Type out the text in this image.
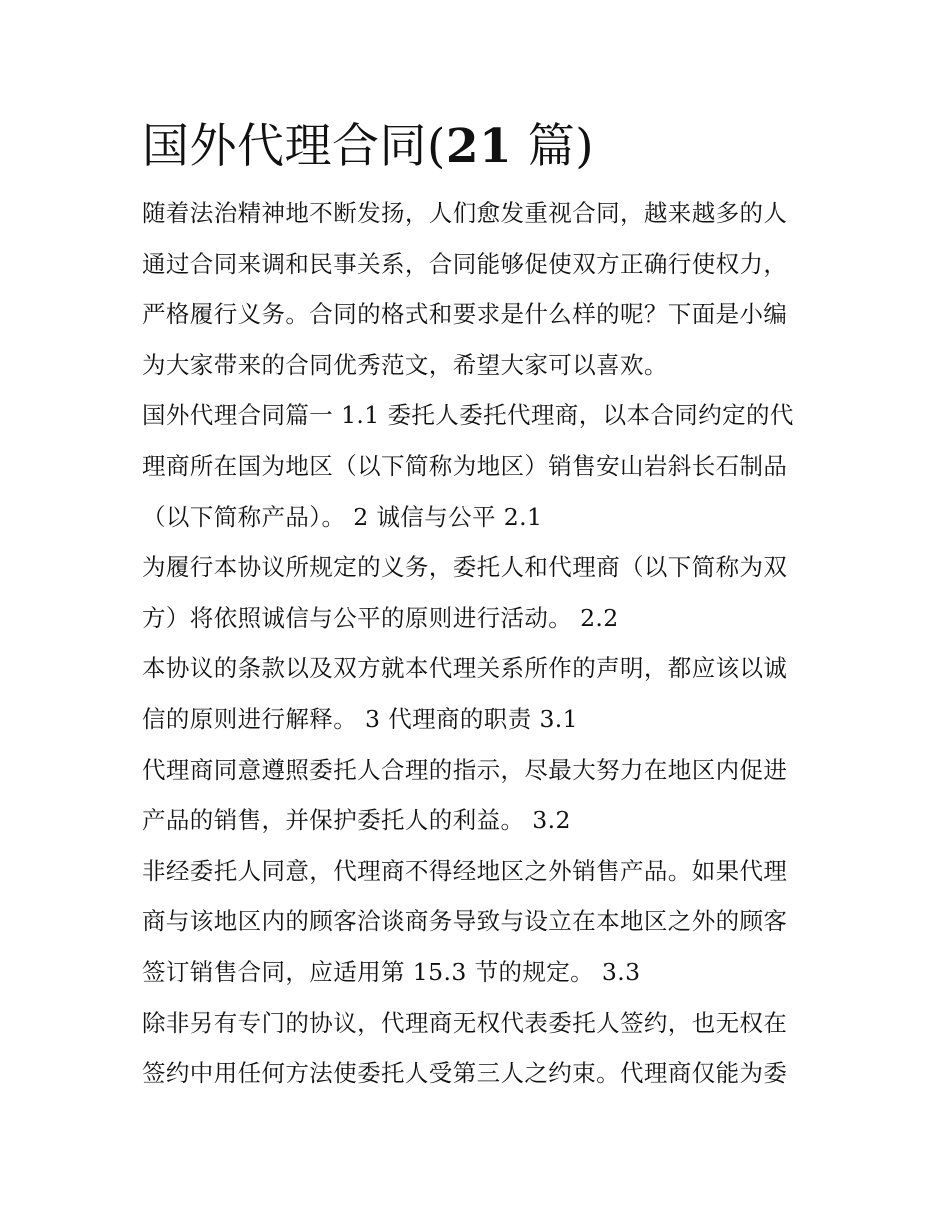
国外代理合同(21 篇)
随着法治精神地不断发扬，人们愈发重视合同，越来越多的人
通过合同来调和民事关系，合同能够促使双方正确行使权力，
严格履行义务。合同的格式和要求是什么样的呢？下面是小编
为大家带来的合同优秀范文，希望大家可以喜欢。
国外代理合同篇一 1.1 委托人委托代理商，以本合同约定的代
理商所在国为地区（以下简称为地区）销售安山岩斜长石制品
（以下简称产品）。 2 诚信与公平 2.1
为履行本协议所规定的义务，委托人和代理商（以下简称为双
方）将依照诚信与公平的原则进行活动。 2.2
本协议的条款以及双方就本代理关系所作的声明，都应该以诚
信的原则进行解释。 3 代理商的职责 3.1
代理商同意遵照委托人合理的指示，尽最大努力在地区内促进
产品的销售，并保护委托人的利益。 3.2
非经委托人同意，代理商不得经地区之外销售产品。如果代理
商与该地区内的顾客洽谈商务导致与设立在本地区之外的顾客
签订销售合同，应适用第 15.3 节的规定。 3.3
除非另有专门的协议，代理商无权代表委托人签约，也无权在
签约中用任何方法使委托人受第三人之约束。代理商仅能为委
